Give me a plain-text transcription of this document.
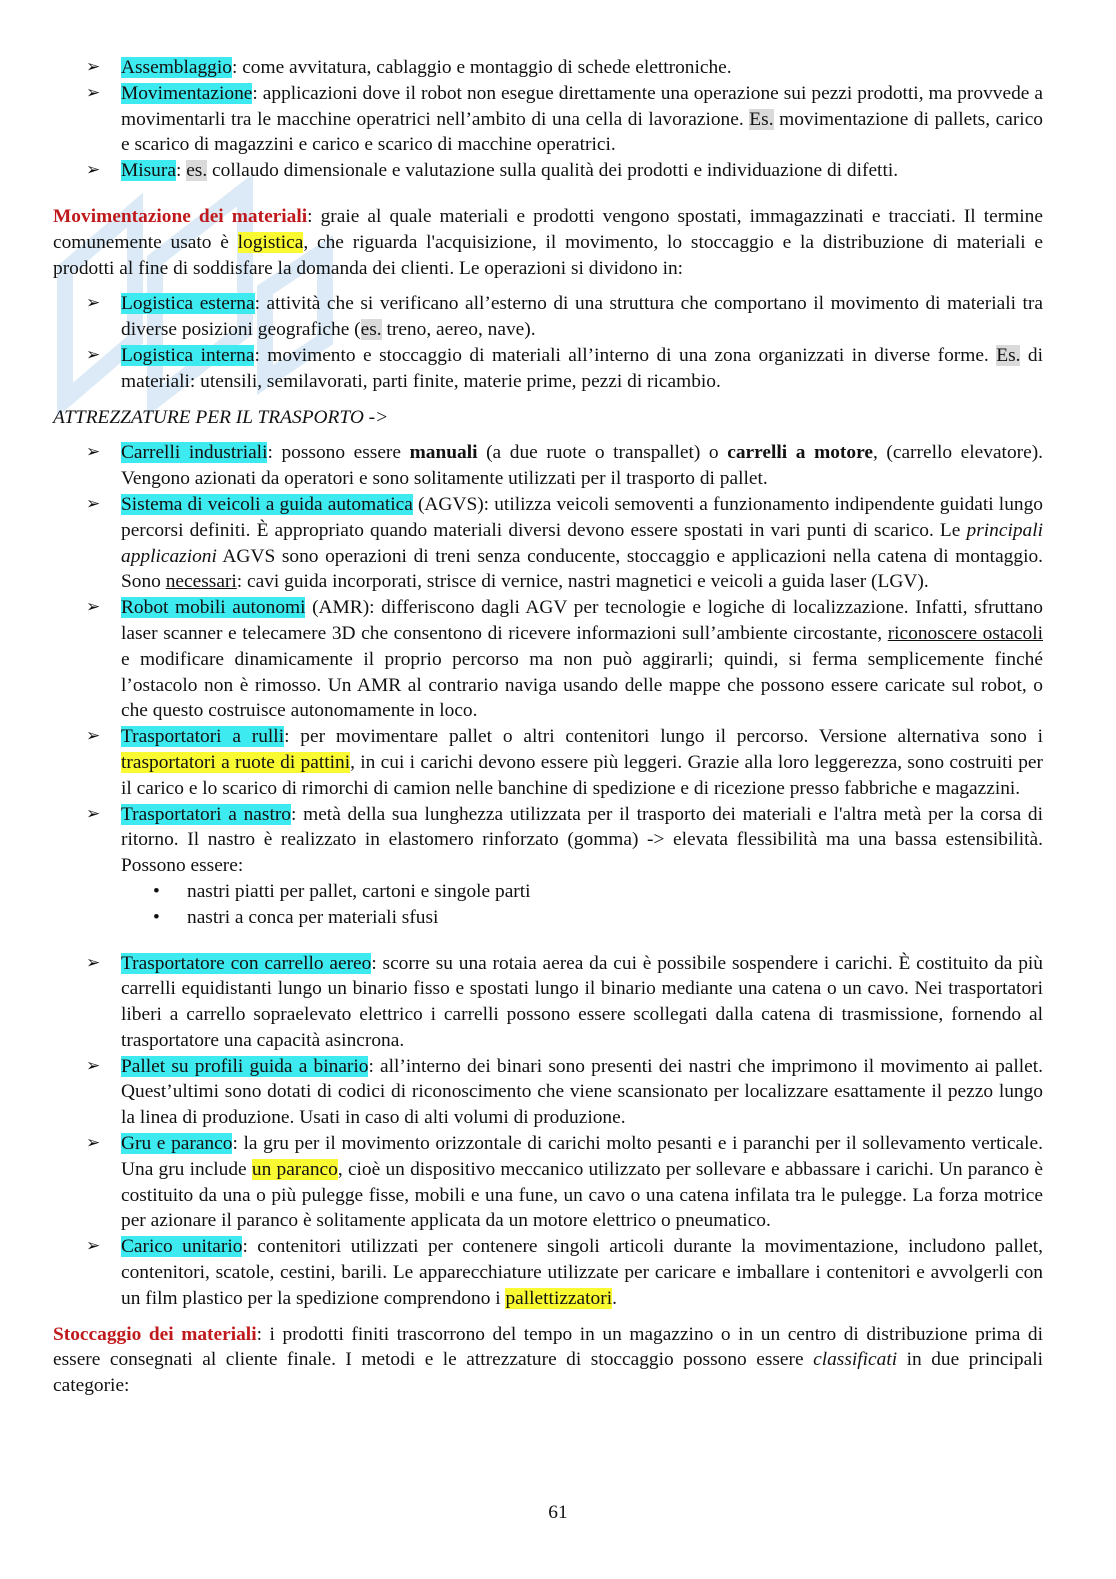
➢ Assemblaggio: come avvitatura, cablaggio e montaggio di schede elettroniche.
➢ Movimentazione: applicazioni dove il robot non esegue direttamente una operazione sui pezzi prodotti, ma provvede a movimentarli tra le macchine operatrici nell’ambito di una cella di lavorazione. Es. movimentazione di pallets, carico e scarico di magazzini e carico e scarico di macchine operatrici.
➢ Misura: es. collaudo dimensionale e valutazione sulla qualità dei prodotti e individuazione di difetti.

Movimentazione dei materiali: graie al quale materiali e prodotti vengono spostati, immagazzinati e tracciati. Il termine comunemente usato è logistica, che riguarda l'acquisizione, il movimento, lo stoccaggio e la distribuzione di materiali e prodotti al fine di soddisfare la domanda dei clienti. Le operazioni si dividono in:

➢ Logistica esterna: attività che si verificano all’esterno di una struttura che comportano il movimento di materiali tra diverse posizioni geografiche (es. treno, aereo, nave).
➢ Logistica interna: movimento e stoccaggio di materiali all’interno di una zona organizzati in diverse forme. Es. di materiali: utensili, semilavorati, parti finite, materie prime, pezzi di ricambio.

ATTREZZATURE PER IL TRASPORTO ->

➢ Carrelli industriali: possono essere manuali (a due ruote o transpallet) o carrelli a motore, (carrello elevatore). Vengono azionati da operatori e sono solitamente utilizzati per il trasporto di pallet.
➢ Sistema di veicoli a guida automatica (AGVS): utilizza veicoli semoventi a funzionamento indipendente guidati lungo percorsi definiti. È appropriato quando materiali diversi devono essere spostati in vari punti di scarico. Le principali applicazioni AGVS sono operazioni di treni senza conducente, stoccaggio e applicazioni nella catena di montaggio. Sono necessari: cavi guida incorporati, strisce di vernice, nastri magnetici e veicoli a guida laser (LGV).
➢ Robot mobili autonomi (AMR): differiscono dagli AGV per tecnologie e logiche di localizzazione. Infatti, sfruttano laser scanner e telecamere 3D che consentono di ricevere informazioni sull’ambiente circostante, riconoscere ostacoli e modificare dinamicamente il proprio percorso ma non può aggirarli; quindi, si ferma semplicemente finché l’ostacolo non è rimosso. Un AMR al contrario naviga usando delle mappe che possono essere caricate sul robot, o che questo costruisce autonomamente in loco.
➢ Trasportatori a rulli: per movimentare pallet o altri contenitori lungo il percorso. Versione alternativa sono i trasportatori a ruote di pattini, in cui i carichi devono essere più leggeri. Grazie alla loro leggerezza, sono costruiti per il carico e lo scarico di rimorchi di camion nelle banchine di spedizione e di ricezione presso fabbriche e magazzini.
➢ Trasportatori a nastro: metà della sua lunghezza utilizzata per il trasporto dei materiali e l'altra metà per la corsa di ritorno. Il nastro è realizzato in elastomero rinforzato (gomma) -> elevata flessibilità ma una bassa estensibilità. Possono essere:
• nastri piatti per pallet, cartoni e singole parti
• nastri a conca per materiali sfusi
➢ Trasportatore con carrello aereo: scorre su una rotaia aerea da cui è possibile sospendere i carichi. È costituito da più carrelli equidistanti lungo un binario fisso e spostati lungo il binario mediante una catena o un cavo. Nei trasportatori liberi a carrello sopraelevato elettrico i carrelli possono essere scollegati dalla catena di trasmissione, fornendo al trasportatore una capacità asincrona.
➢ Pallet su profili guida a binario: all’interno dei binari sono presenti dei nastri che imprimono il movimento ai pallet. Quest’ultimi sono dotati di codici di riconoscimento che viene scansionato per localizzare esattamente il pezzo lungo la linea di produzione. Usati in caso di alti volumi di produzione.
➢ Gru e paranco: la gru per il movimento orizzontale di carichi molto pesanti e i paranchi per il sollevamento verticale. Una gru include un paranco, cioè un dispositivo meccanico utilizzato per sollevare e abbassare i carichi. Un paranco è costituito da una o più pulegge fisse, mobili e una fune, un cavo o una catena infilata tra le pulegge. La forza motrice per azionare il paranco è solitamente applicata da un motore elettrico o pneumatico.
➢ Carico unitario: contenitori utilizzati per contenere singoli articoli durante la movimentazione, includono pallet, contenitori, scatole, cestini, barili. Le apparecchiature utilizzate per caricare e imballare i contenitori e avvolgerli con un film plastico per la spedizione comprendono i pallettizzatori.

Stoccaggio dei materiali: i prodotti finiti trascorrono del tempo in un magazzino o in un centro di distribuzione prima di essere consegnati al cliente finale. I metodi e le attrezzature di stoccaggio possono essere classificati in due principali categorie:

61
